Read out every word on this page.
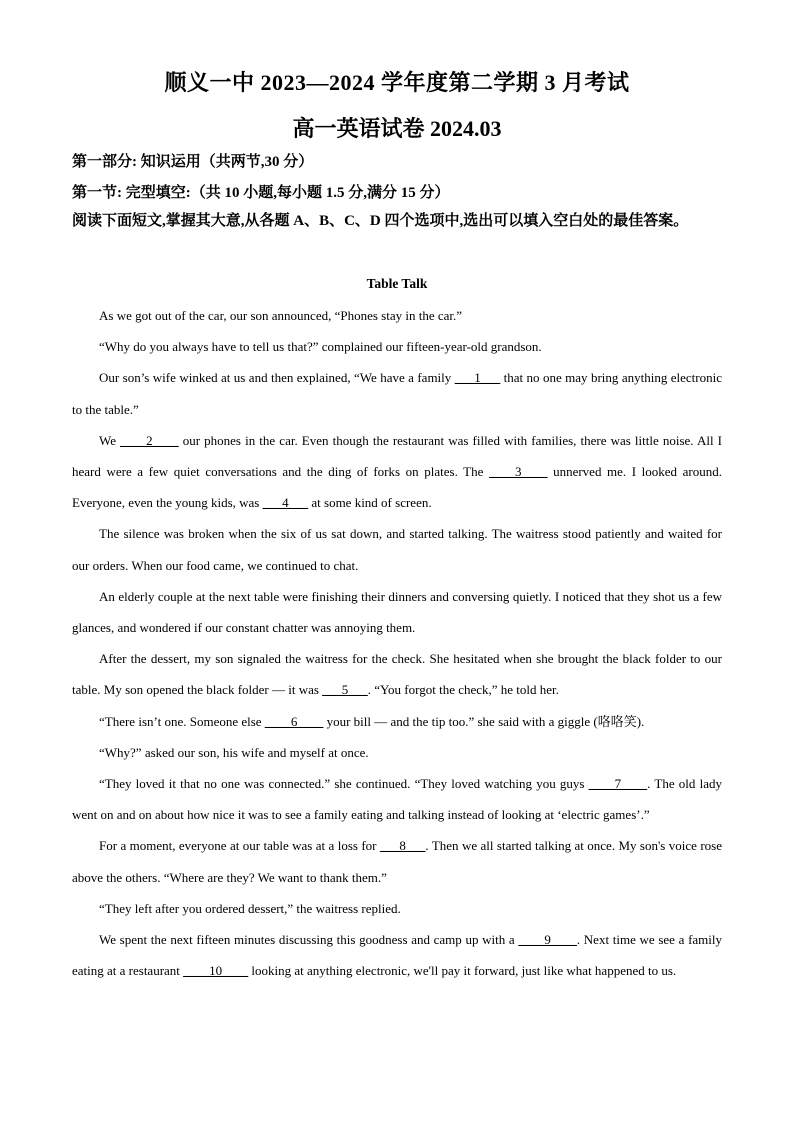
顺义一中 2023—2024 学年度第二学期 3 月考试
高一英语试卷 2024.03
第一部分: 知识运用（共两节,30 分）
第一节: 完型填空:（共 10 小题,每小题 1.5 分,满分 15 分）
阅读下面短文,掌握其大意,从各题 A、B、C、D 四个选项中,选出可以填入空白处的最佳答案。
Table Talk

As we got out of the car, our son announced, “Phones stay in the car.”

“Why do you always have to tell us that?” complained our fifteen-year-old grandson.

Our son’s wife winked at us and then explained, “We have a family ___1___ that no one may bring anything electronic to the table.”

We ____2____ our phones in the car. Even though the restaurant was filled with families, there was little noise. All I heard were a few quiet conversations and the ding of forks on plates. The ____3____ unnerved me. I looked around. Everyone, even the young kids, was ___4___ at some kind of screen.

The silence was broken when the six of us sat down, and started talking. The waitress stood patiently and waited for our orders. When our food came, we continued to chat.

An elderly couple at the next table were finishing their dinners and conversing quietly. I noticed that they shot us a few glances, and wondered if our constant chatter was annoying them.

After the dessert, my son signaled the waitress for the check. She hesitated when she brought the black folder to our table. My son opened the black folder — it was ___5___. “You forgot the check,” he told her.

“There isn’t one. Someone else ____6____ your bill — and the tip too.” she said with a giggle (咯咯笑).

“Why?” asked our son, his wife and myself at once.

“They loved it that no one was connected.” she continued. “They loved watching you guys ____7____. The old lady went on and on about how nice it was to see a family eating and talking instead of looking at ‘electric games’.”

For a moment, everyone at our table was at a loss for ___8___. Then we all started talking at once. My son's voice rose above the others. “Where are they? We want to thank them.”

“They left after you ordered dessert,” the waitress replied.

We spent the next fifteen minutes discussing this goodness and camp up with a ____9____. Next time we see a family eating at a restaurant ____10____ looking at anything electronic, we'll pay it forward, just like what happened to us.
